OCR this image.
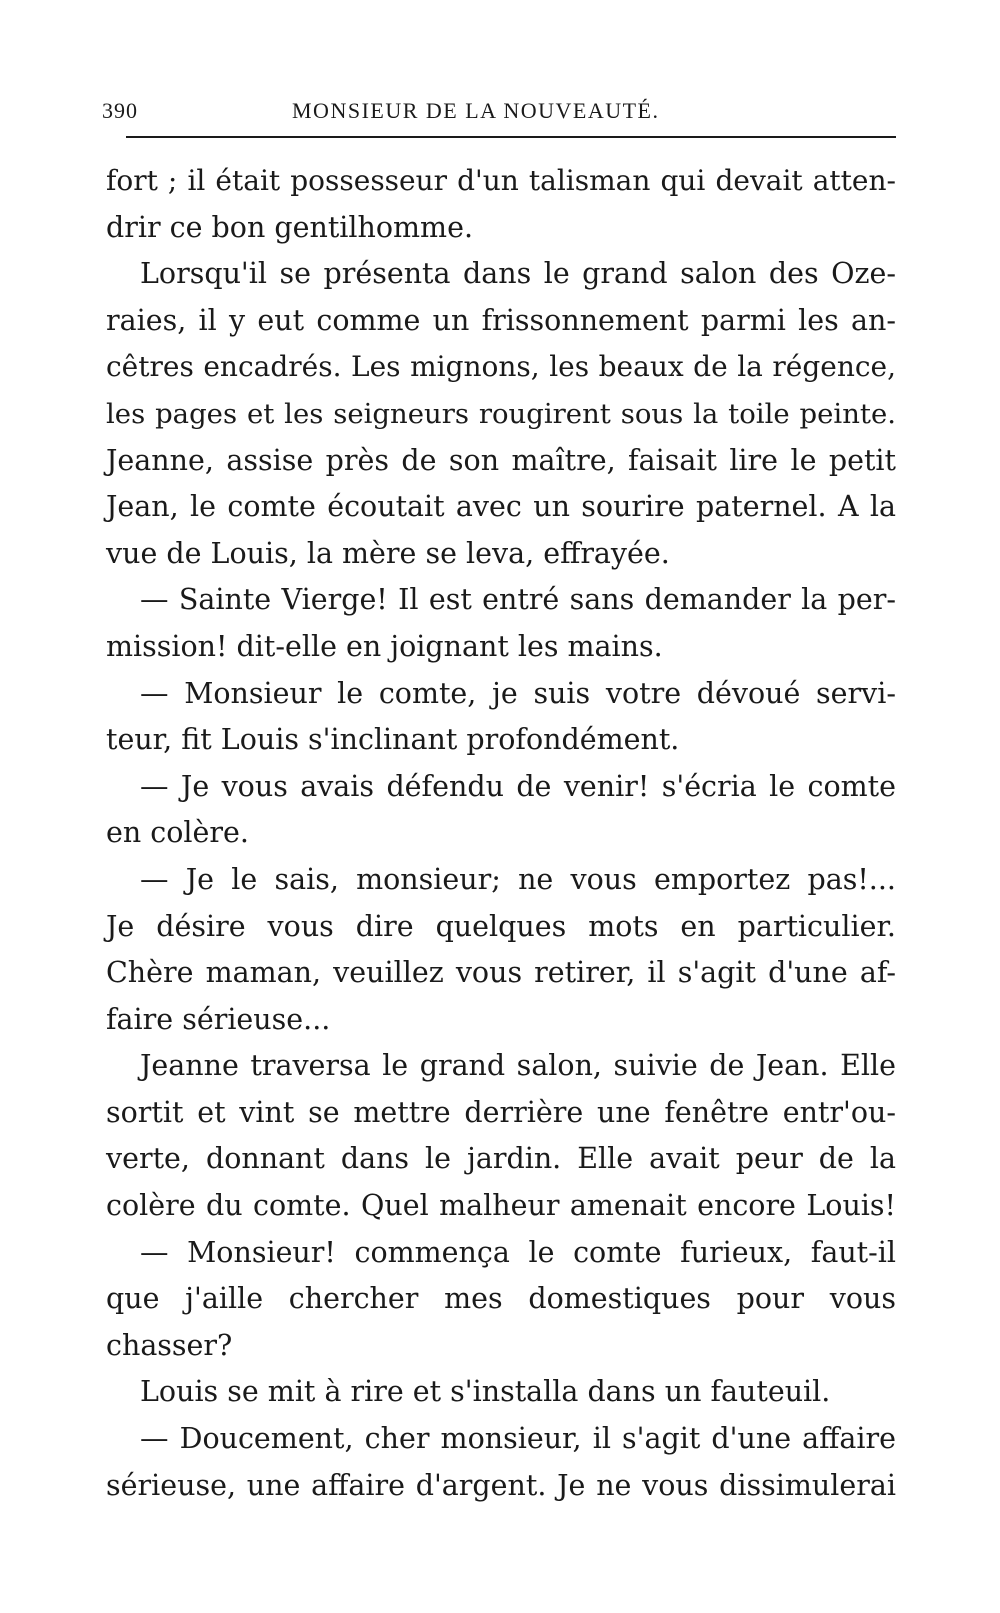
390	MONSIEUR DE LA NOUVEAUTÉ.
fort ; il était possesseur d'un talisman qui devait atten-
drir ce bon gentilhomme.
Lorsqu'il se présenta dans le grand salon des Oze-
raies, il y eut comme un frissonnement parmi les an-
cêtres encadrés. Les mignons, les beaux de la régence,
les pages et les seigneurs rougirent sous la toile peinte.
Jeanne, assise près de son maître, faisait lire le petit
Jean, le comte écoutait avec un sourire paternel. A la
vue de Louis, la mère se leva, effrayée.
— Sainte Vierge! Il est entré sans demander la per-
mission! dit-elle en joignant les mains.
— Monsieur le comte, je suis votre dévoué servi-
teur, fit Louis s'inclinant profondément.
— Je vous avais défendu de venir! s'écria le comte
en colère.
— Je le sais, monsieur; ne vous emportez pas!...
Je désire vous dire quelques mots en particulier.
Chère maman, veuillez vous retirer, il s'agit d'une af-
faire sérieuse...
Jeanne traversa le grand salon, suivie de Jean. Elle
sortit et vint se mettre derrière une fenêtre entr'ou-
verte, donnant dans le jardin. Elle avait peur de la
colère du comte. Quel malheur amenait encore Louis!
— Monsieur! commença le comte furieux, faut-il
que j'aille chercher mes domestiques pour vous
chasser?
Louis se mit à rire et s'installa dans un fauteuil.
— Doucement, cher monsieur, il s'agit d'une affaire
sérieuse, une affaire d'argent. Je ne vous dissimulerai
